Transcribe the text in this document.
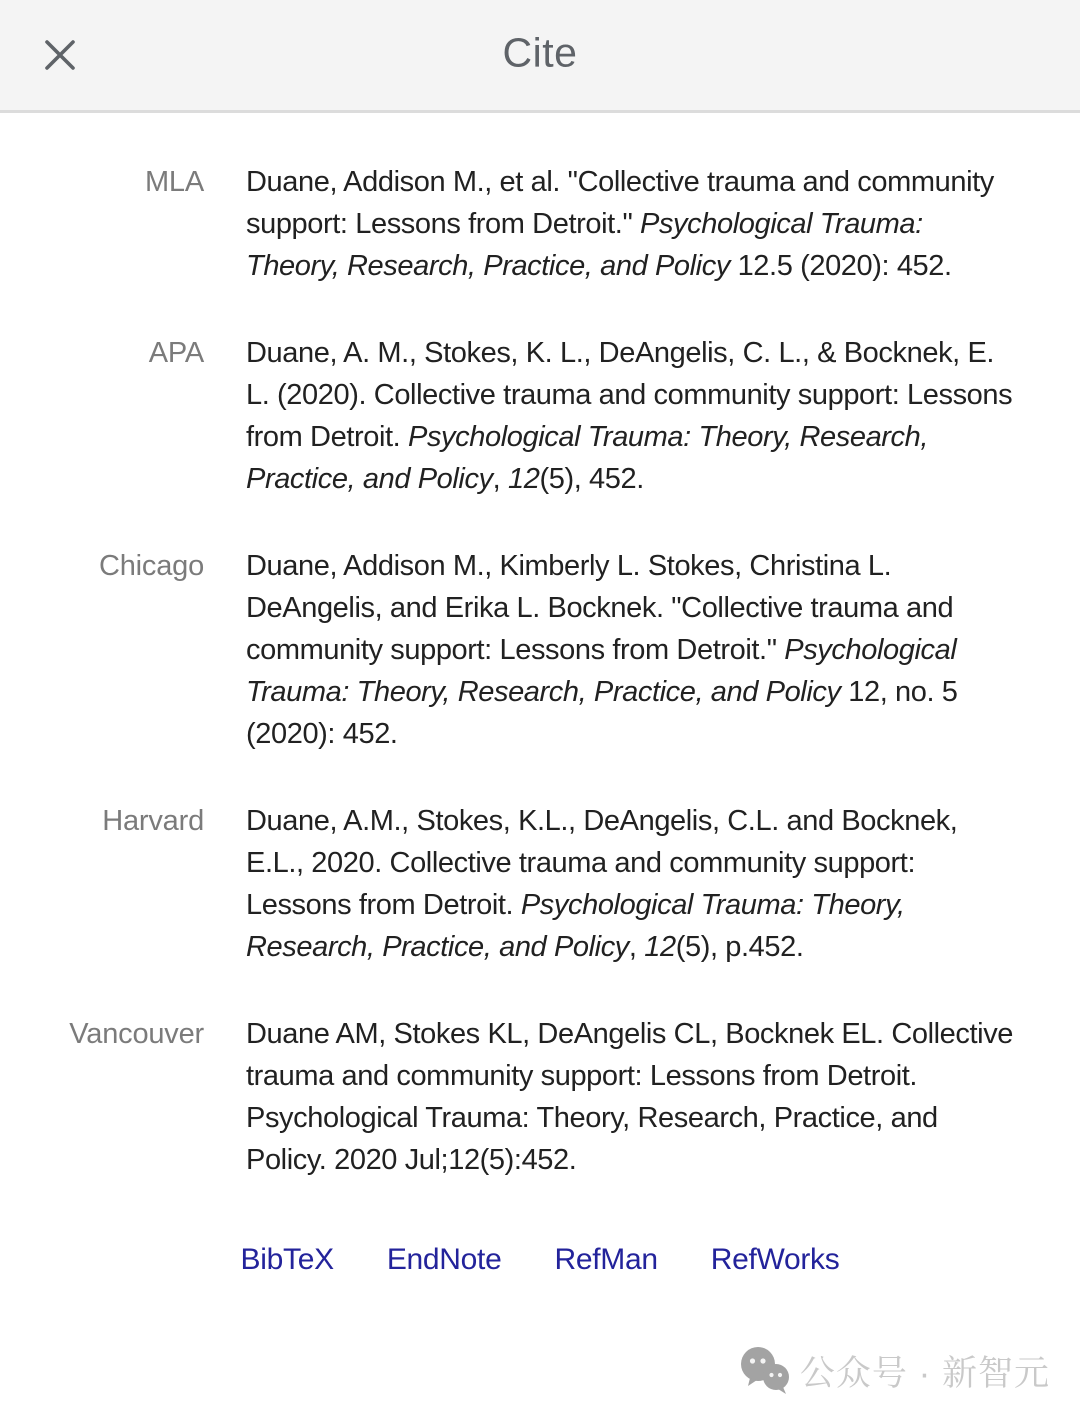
Cite
MLA Duane, Addison M., et al. "Collective trauma and community support: Lessons from Detroit." Psychological Trauma: Theory, Research, Practice, and Policy 12.5 (2020): 452.
APA Duane, A. M., Stokes, K. L., DeAngelis, C. L., & Bocknek, E. L. (2020). Collective trauma and community support: Lessons from Detroit. Psychological Trauma: Theory, Research, Practice, and Policy, 12(5), 452.
Chicago Duane, Addison M., Kimberly L. Stokes, Christina L. DeAngelis, and Erika L. Bocknek. "Collective trauma and community support: Lessons from Detroit." Psychological Trauma: Theory, Research, Practice, and Policy 12, no. 5 (2020): 452.
Harvard Duane, A.M., Stokes, K.L., DeAngelis, C.L. and Bocknek, E.L., 2020. Collective trauma and community support: Lessons from Detroit. Psychological Trauma: Theory, Research, Practice, and Policy, 12(5), p.452.
Vancouver Duane AM, Stokes KL, DeAngelis CL, Bocknek EL. Collective trauma and community support: Lessons from Detroit. Psychological Trauma: Theory, Research, Practice, and Policy. 2020 Jul;12(5):452.
BibTeX EndNote RefMan RefWorks
公众号 · 新智元
